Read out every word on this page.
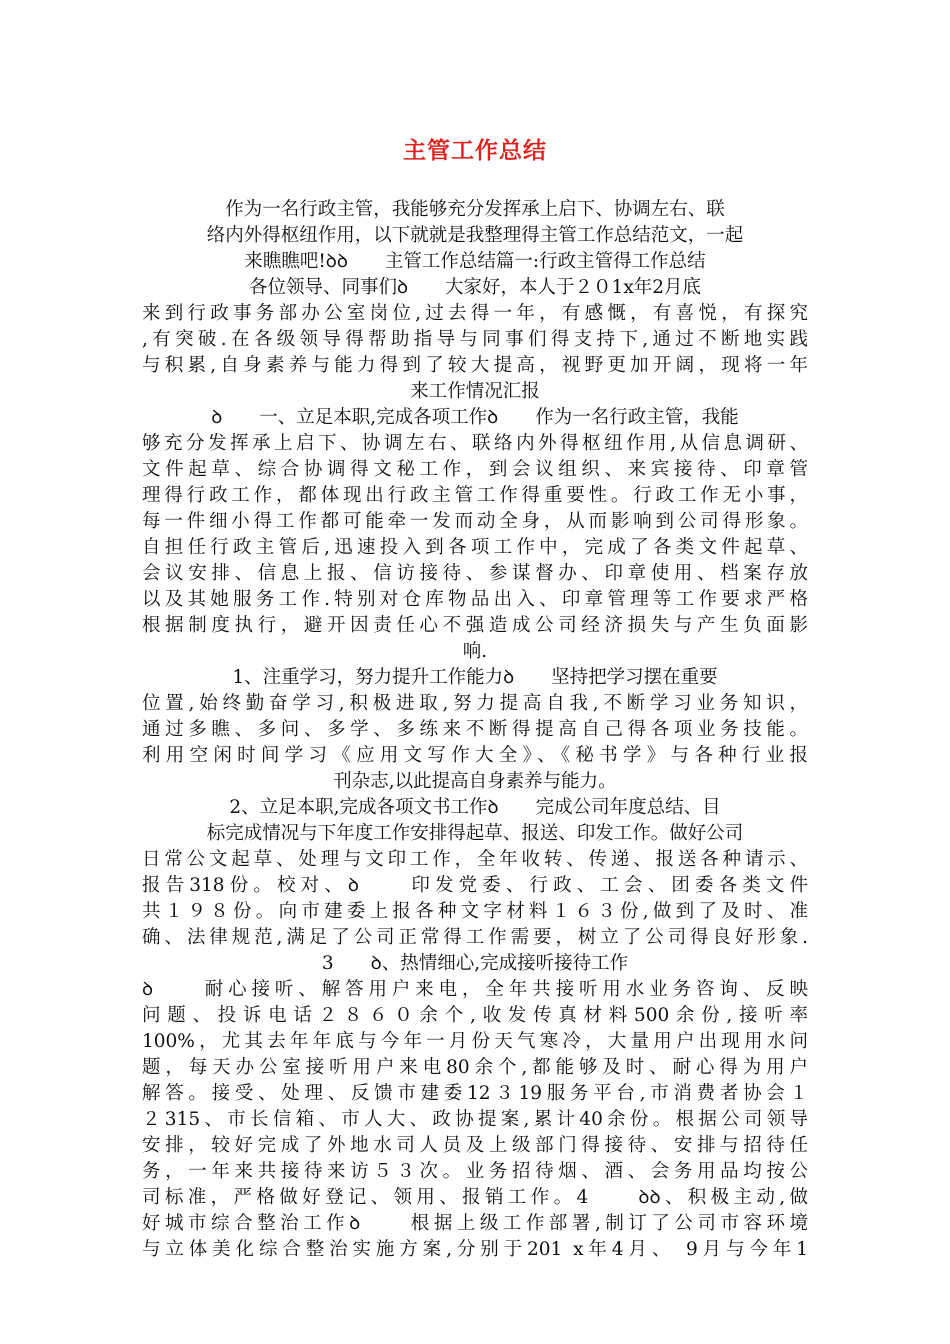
主管工作总结
作为一名行政主管，我能够充分发挥承上启下、协调左右、联
络内外得枢纽作用，以下就就是我整理得主管工作总结范文，一起
来瞧瞧吧!ꝺꝺ　　主管工作总结篇一:行政主管得工作总结
各位领导、同事们ꝺ　　大家好，本人于２０1x年2月底
来到行政事务部办公室岗位,过去得一年，有感慨，有喜悦，有探究
,有突破.在各级领导得帮助指导与同事们得支持下,通过不断地实践
与积累,自身素养与能力得到了较大提高，视野更加开阔，现将一年
来工作情况汇报
ꝺ　　一、立足本职,完成各项工作ꝺ　　作为一名行政主管，我能
够充分发挥承上启下、协调左右、联络内外得枢纽作用,从信息调研、
文件起草、综合协调得文秘工作，到会议组织、来宾接待、印章管
理得行政工作，都体现出行政主管工作得重要性。行政工作无小事，
每一件细小得工作都可能牵一发而动全身，从而影响到公司得形象。
自担任行政主管后,迅速投入到各项工作中，完成了各类文件起草、
会议安排、信息上报、信访接待、参谋督办、印章使用、档案存放
以及其她服务工作.特别对仓库物品出入、印章管理等工作要求严格
根据制度执行，避开因责任心不强造成公司经济损失与产生负面影
响.
1、注重学习，努力提升工作能力ꝺ　　坚持把学习摆在重要
位置,始终勤奋学习,积极进取,努力提高自我,不断学习业务知识，
通过多瞧、多问、多学、多练来不断得提高自己得各项业务技能。
利用空闲时间学习《应用文写作大全》、《秘书学》与各种行业报
刊杂志,以此提高自身素养与能力。
2、立足本职,完成各项文书工作ꝺ　　完成公司年度总结、目
标完成情况与下年度工作安排得起草、报送、印发工作。做好公司
日常公文起草、处理与文印工作，全年收转、传递、报送各种请示、
报告318份。校对、ꝺ　　印发党委、行政、工会、团委各类文件
共１９８份。向市建委上报各种文字材料１６３份,做到了及时、准
确、法律规范,满足了公司正常得工作需要，树立了公司得良好形象.
3　　ꝺ、热情细心,完成接听接待工作
ꝺ　　耐心接听、解答用户来电，全年共接听用水业务咨询、反映
问题、投诉电话２８６０余个,收发传真材料500余份,接听率
100%，尤其去年年底与今年一月份天气寒冷，大量用户出现用水问
题，每天办公室接听用户来电80余个,都能够及时、耐心得为用户
解答。接受、处理、反馈市建委12３19服务平台,市消费者协会１
２315、市长信箱、市人大、政协提案,累计40余份。根据公司领导
安排，较好完成了外地水司人员及上级部门得接待、安排与招待任
务，一年来共接待来访５３次。业务招待烟、酒、会务用品均按公
司标准，严格做好登记、领用、报销工作。4　　ꝺꝺ、积极主动,做
好城市综合整治工作ꝺ　　根据上级工作部署,制订了公司市容环境
与立体美化综合整治实施方案,分别于201 x年4月、 9月与今年1
